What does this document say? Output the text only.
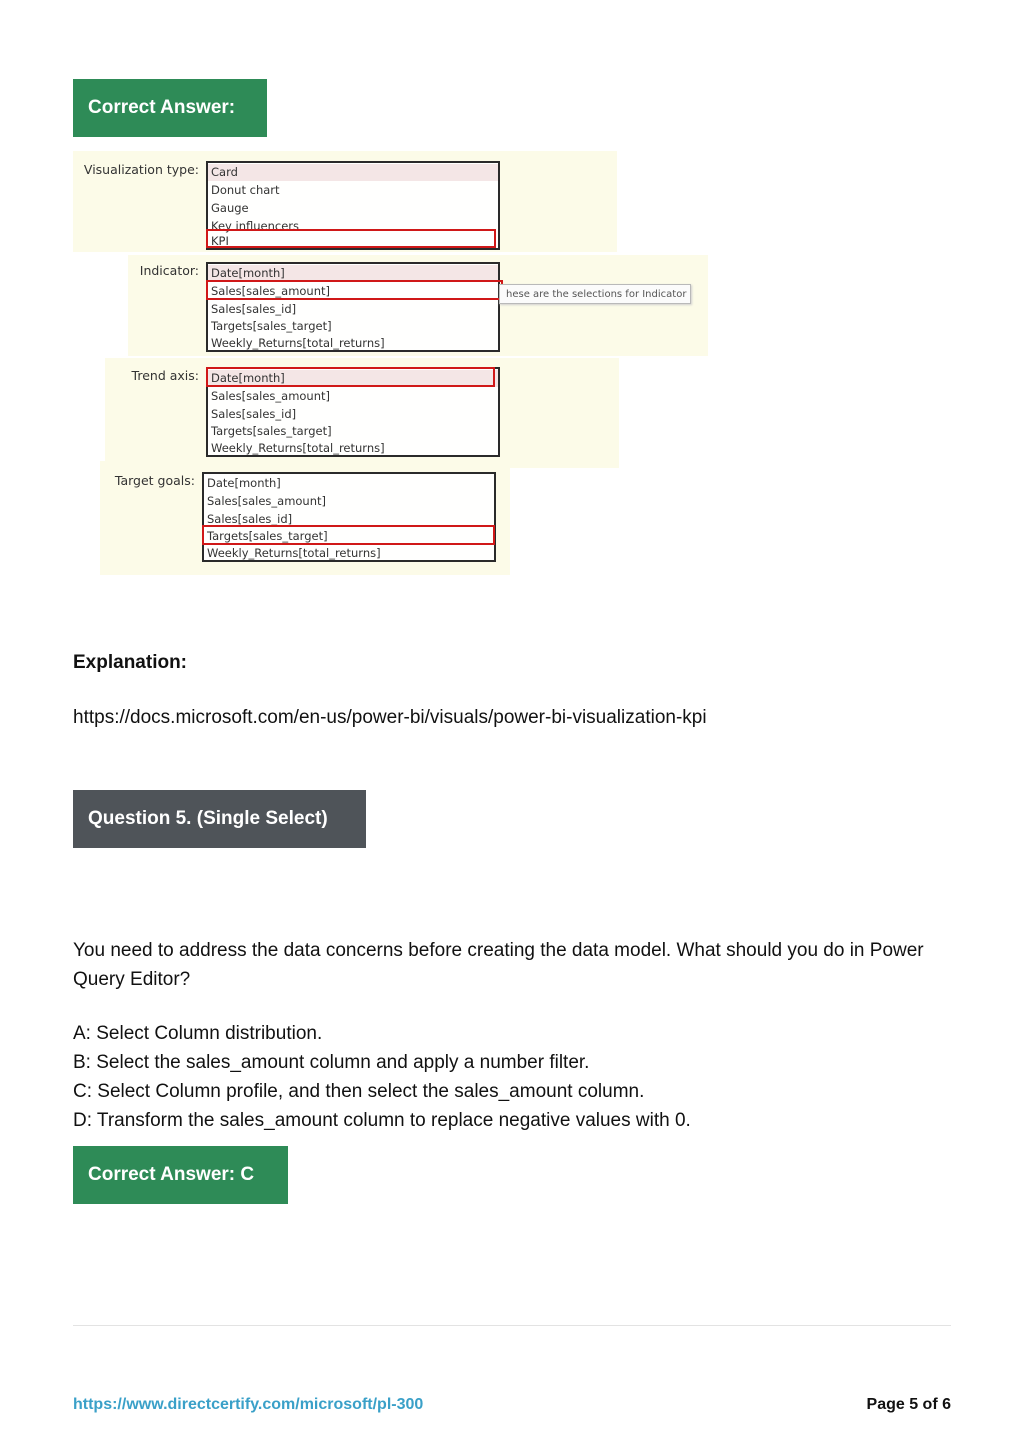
Correct Answer:
Visualization type: Card
Donut chart
Gauge
Key influencers
KPI
Indicator: Date[month]
Sales[sales_amount]
Sales[sales_id]
Targets[sales_target]
Weekly_Returns[total_returns]
hese are the selections for Indicator
Trend axis: Date[month]
Sales[sales_amount]
Sales[sales_id]
Targets[sales_target]
Weekly_Returns[total_returns]
Target goals: Date[month]
Sales[sales_amount]
Sales[sales_id]
Targets[sales_target]
Weekly_Returns[total_returns]
Explanation:
https://docs.microsoft.com/en-us/power-bi/visuals/power-bi-visualization-kpi
Question 5. (Single Select)
You need to address the data concerns before creating the data model. What should you do in Power Query Editor?
A: Select Column distribution.
B: Select the sales_amount column and apply a number filter.
C: Select Column profile, and then select the sales_amount column.
D: Transform the sales_amount column to replace negative values with 0.
Correct Answer: C
https://www.directcertify.com/microsoft/pl-300	Page 5 of 6
